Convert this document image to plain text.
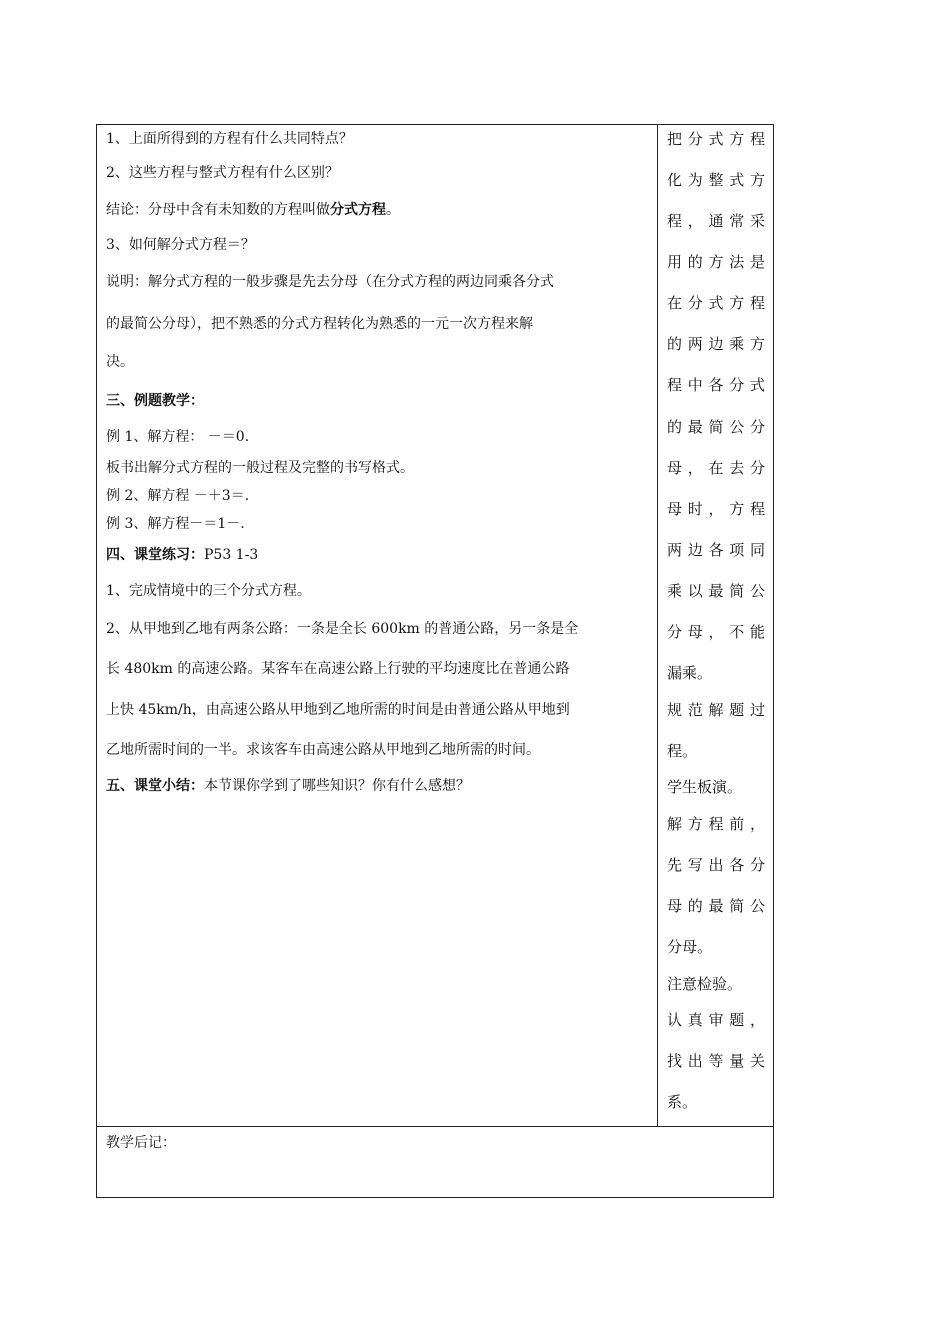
1、上面所得到的方程有什么共同特点？
2、这些方程与整式方程有什么区别？
结论：分母中含有未知数的方程叫做分式方程。
3、如何解分式方程＝？
说明：解分式方程的一般步骤是先去分母（在分式方程的两边同乘各分式
的最简公分母），把不熟悉的分式方程转化为熟悉的一元一次方程来解
决。
三、例题教学：
例 1、解方程： －＝0.
板书出解分式方程的一般过程及完整的书写格式。
例 2、解方程 －＋3＝.
例 3、解方程－＝1－.
四、课堂练习：P53 1-3
1、完成情境中的三个分式方程。
2、从甲地到乙地有两条公路：一条是全长 600km 的普通公路，另一条是全
长 480km 的高速公路。某客车在高速公路上行驶的平均速度比在普通公路
上快 45km/h，由高速公路从甲地到乙地所需的时间是由普通公路从甲地到
乙地所需时间的一半。求该客车由高速公路从甲地到乙地所需的时间。
五、课堂小结：本节课你学到了哪些知识？你有什么感想？
把分式方程
化为整式方
程，通常采
用的方法是
在分式方程
的两边乘方
程中各分式
的最简公分
母，在去分
母时，方程
两边各项同
乘以最简公
分母，不能
漏乘。
规范解题过
程。
学生板演。
解方程前，
先写出各分
母的最简公
分母。
注意检验。
认真审题，
找出等量关
系。
教学后记：
